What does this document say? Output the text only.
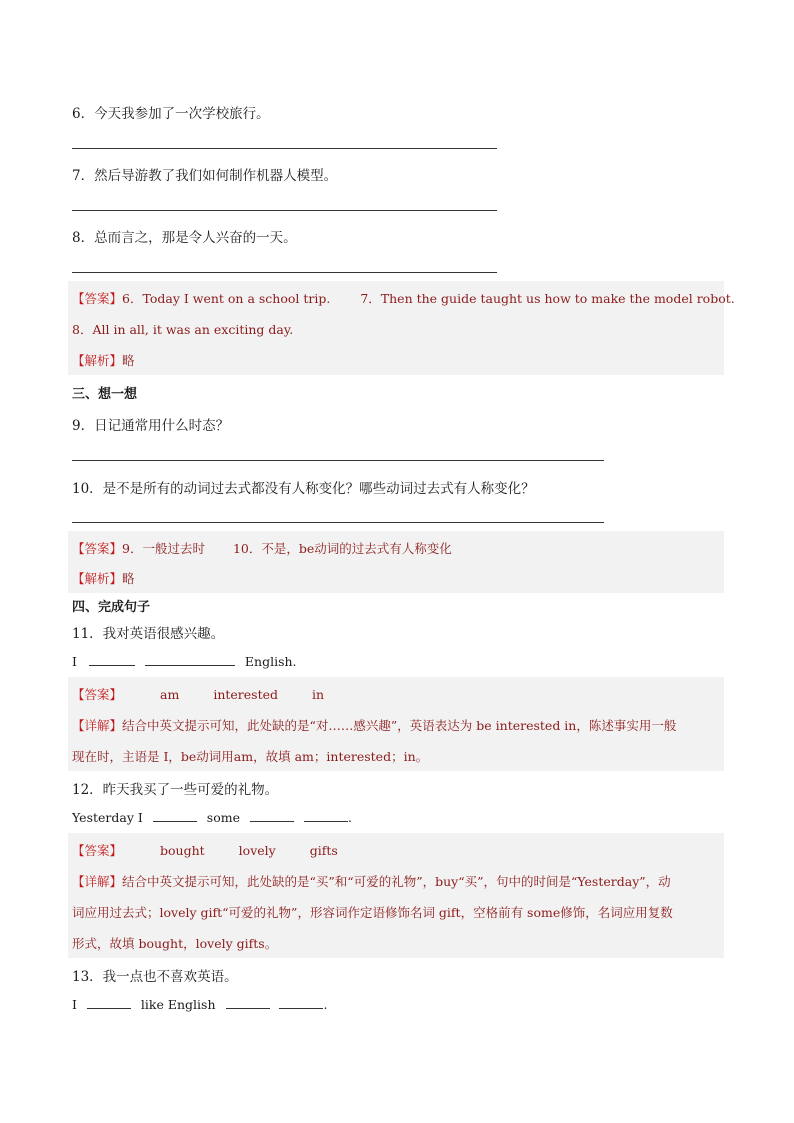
6．今天我参加了一次学校旅行。
7．然后导游教了我们如何制作机器人模型。
8．总而言之，那是令人兴奋的一天。
【答案】6．Today I went on a school trip. 7．Then the guide taught us how to make the model robot.
8．All in all, it was an exciting day.
【解析】略
三、想一想
9．日记通常用什么时态？
10．是不是所有的动词过去式都没有人称变化？哪些动词过去式有人称变化？
【答案】9．一般过去时 10．不是，be动词的过去式有人称变化
【解析】略
四、完成句子
11．我对英语很感兴趣。
I	English.
【答案】	am	interested	in
【详解】结合中英文提示可知，此处缺的是“对……感兴趣”，英语表达为 be interested in，陈述事实用一般
现在时，主语是 I，be动词用am，故填 am；interested；in。
12．昨天我买了一些可爱的礼物。
Yesterday I	some	.
【答案】	bought	lovely	gifts
【详解】结合中英文提示可知，此处缺的是“买”和“可爱的礼物”，buy“买”，句中的时间是“Yesterday”，动
词应用过去式；lovely gift“可爱的礼物”，形容词作定语修饰名词 gift，空格前有 some修饰，名词应用复数
形式，故填 bought，lovely gifts。
13．我一点也不喜欢英语。
I	like English	.
